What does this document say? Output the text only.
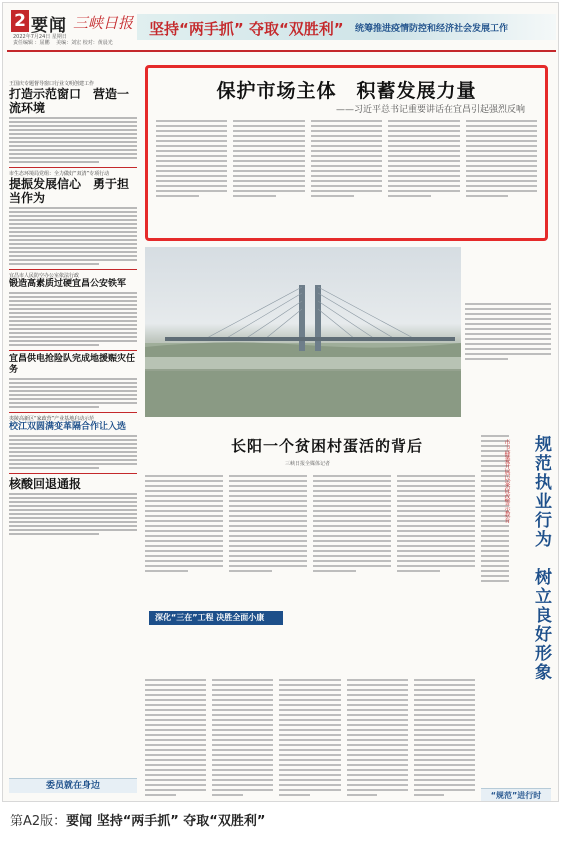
2 要闻 三峡日报
2022年7月24日 星期日
责任编辑 ：屈鹏 　美编：刘宏 校对：黄晨光
坚持“两手抓” 夺取“双胜利” 统筹推进疫情防控和经济社会发展工作
王国庆专题督导窗口行业文明创建工作
打造示范窗口　营造一流环境
市生态环境局党组：全力做好“双清”专项行动
提振发展信心　勇于担当作为
宜昌市人民防空办公室依法行政
锻造高素质过硬宜昌公安铁军
宜昌供电抢险队完成地援赈灾任务
夷陵高新区“家政营”产业基地启动示范
校江双圆满变革隔合作让入选
核酸回退通报
委员就在身边
保护市场主体　积蓄发展力量
——习近平总书记重要讲话在宜昌引起强烈反响
长阳一个贫困村蛋活的背后
三峡日报全媒体记者
深化“三在”工程 决胜全面小康
市卫健委开展以案促改警示教育 规范执业行为　树立良好形象
“规范”进行时
第A2版：要闻 坚持“两手抓” 夺取“双胜利”
